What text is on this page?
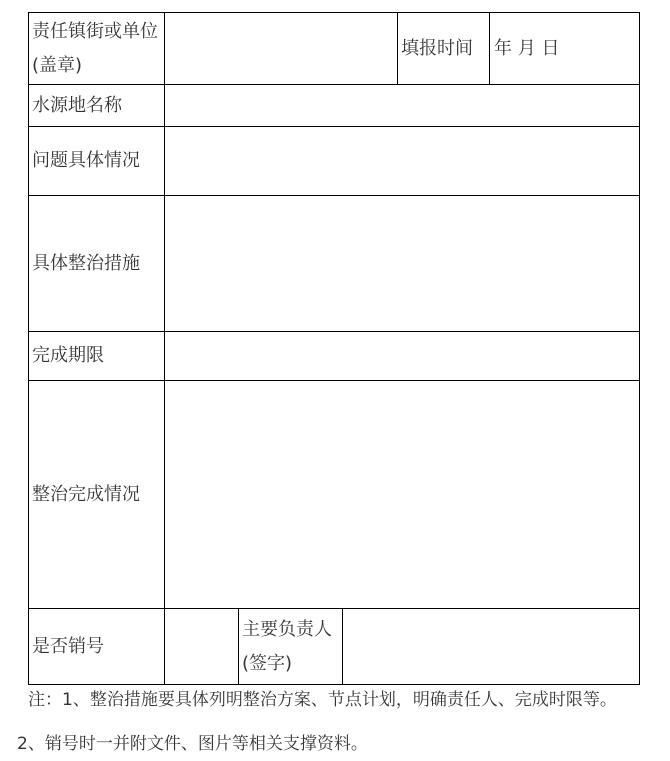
责任镇街或单位(盖章)				填报时间	年 月 日
水源地名称					
问题具体情况					
具体整治措施					
完成期限					
整治完成情况					
是否销号		主要负责人(签字)			

注：1、整治措施要具体列明整治方案、节点计划，明确责任人、完成时限等。
2、销号时一并附文件、图片等相关支撑资料。
